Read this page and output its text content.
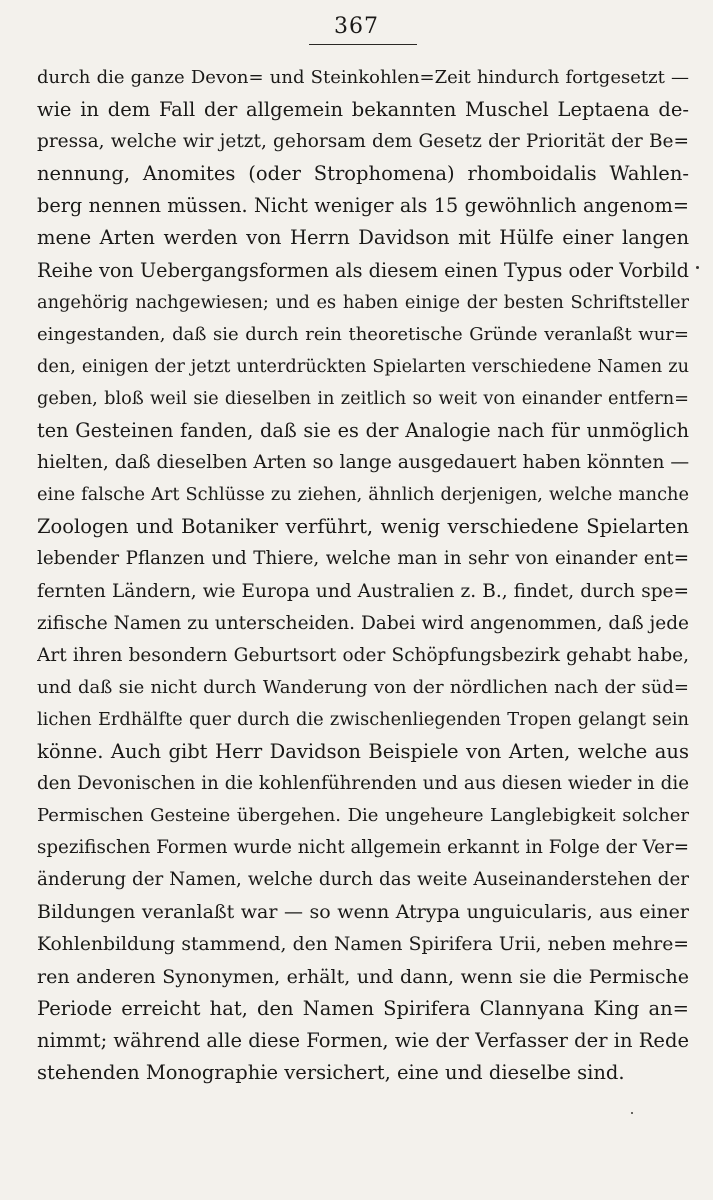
367
durch die ganze Devon= und Steinkohlen=Zeit hindurch fortgesetzt —
wie in dem Fall der allgemein bekannten Muschel Leptaena de-
pressa, welche wir jetzt, gehorsam dem Gesetz der Priorität der Be=
nennung, Anomites (oder Strophomena) rhomboidalis Wahlen-
berg nennen müssen. Nicht weniger als 15 gewöhnlich angenom=
mene Arten werden von Herrn Davidson mit Hülfe einer langen
Reihe von Uebergangsformen als diesem einen Typus oder Vorbild
angehörig nachgewiesen; und es haben einige der besten Schriftsteller
eingestanden, daß sie durch rein theoretische Gründe veranlaßt wur=
den, einigen der jetzt unterdrückten Spielarten verschiedene Namen zu
geben, bloß weil sie dieselben in zeitlich so weit von einander entfern=
ten Gesteinen fanden, daß sie es der Analogie nach für unmöglich
hielten, daß dieselben Arten so lange ausgedauert haben könnten —
eine falsche Art Schlüsse zu ziehen, ähnlich derjenigen, welche manche
Zoologen und Botaniker verführt, wenig verschiedene Spielarten
lebender Pflanzen und Thiere, welche man in sehr von einander ent=
fernten Ländern, wie Europa und Australien z. B., findet, durch spe=
zifische Namen zu unterscheiden. Dabei wird angenommen, daß jede
Art ihren besondern Geburtsort oder Schöpfungsbezirk gehabt habe,
und daß sie nicht durch Wanderung von der nördlichen nach der süd=
lichen Erdhälfte quer durch die zwischenliegenden Tropen gelangt sein
könne. Auch gibt Herr Davidson Beispiele von Arten, welche aus
den Devonischen in die kohlenführenden und aus diesen wieder in die
Permischen Gesteine übergehen. Die ungeheure Langlebigkeit solcher
spezifischen Formen wurde nicht allgemein erkannt in Folge der Ver=
änderung der Namen, welche durch das weite Auseinanderstehen der
Bildungen veranlaßt war — so wenn Atrypa unguicularis, aus einer
Kohlenbildung stammend, den Namen Spirifera Urii, neben mehre=
ren anderen Synonymen, erhält, und dann, wenn sie die Permische
Periode erreicht hat, den Namen Spirifera Clannyana King an=
nimmt; während alle diese Formen, wie der Verfasser der in Rede
stehenden Monographie versichert, eine und dieselbe sind.
